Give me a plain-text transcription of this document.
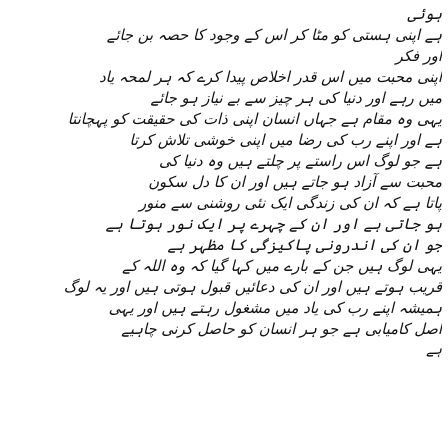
ہوئی
ہے اپنی ہستی کو مٹا کر اس کے وجود کا حصہ بن جائے
اور فکر
اپنی محبت میں اس قدر اخلاص پیدا کرے کہ ہر لمحہ یاد
میں رہے اور دنیا کی ہر چیز سے بے نیاز ہو جائے
یہی وہ مقام ہے جہاں انسان اپنی ذات کی حقیقت کو پہچانتا
ہے اور اپنے رب کی رضا میں اپنی خوشی تلاش کرتا
ہے جو لوگ اس راستے پر چلتے ہیں وہ دنیا کی
محبت سے آزاد ہو جاتے ہیں اور ان کا دل سکون
پاتا ہے کہ ان کی زندگی ایک نئی روشنی سے منور
ہو جاتی ہے اور ان کے چہرے پر ایک نور ہوتا ہے
جو ان کی اندرونی پاکیزگی کا مظہر ہے
یہی لوگ ہیں جن کے بارے میں کہا گیا کہ وہ اللہ کے
قریب ہوتے ہیں اور ان کی دعائیں قبول ہوتی ہیں اور یہ لوگ
ہمیشہ اپنے رب کی یاد میں مشغول رہتے ہیں اور یہی
اصل کامیابی ہے جو ہر انسان کو حاصل کرنی چاہیے
ہے
